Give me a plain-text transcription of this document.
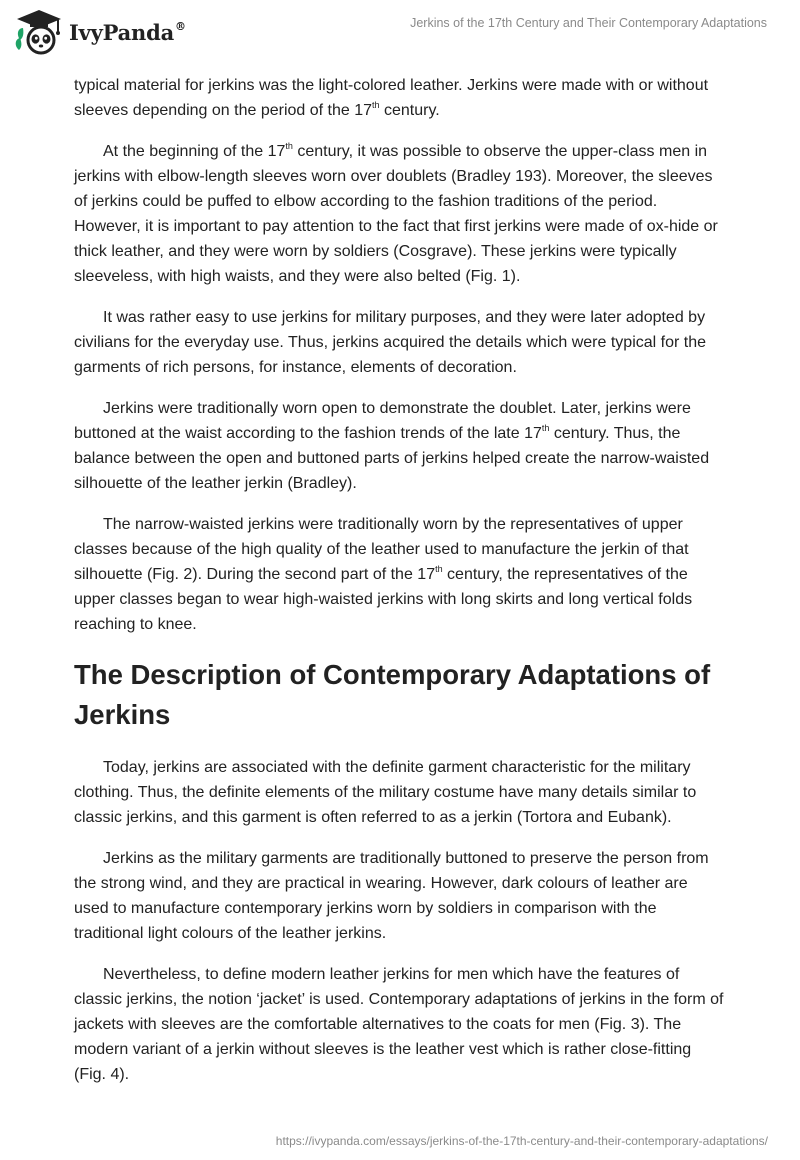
IvyPanda®	Jerkins of the 17th Century and Their Contemporary Adaptations

typical material for jerkins was the light-colored leather. Jerkins were made with or without sleeves depending on the period of the 17th century.

At the beginning of the 17th century, it was possible to observe the upper-class men in jerkins with elbow-length sleeves worn over doublets (Bradley 193). Moreover, the sleeves of jerkins could be puffed to elbow according to the fashion traditions of the period. However, it is important to pay attention to the fact that first jerkins were made of ox-hide or thick leather, and they were worn by soldiers (Cosgrave). These jerkins were typically sleeveless, with high waists, and they were also belted (Fig. 1).

It was rather easy to use jerkins for military purposes, and they were later adopted by civilians for the everyday use. Thus, jerkins acquired the details which were typical for the garments of rich persons, for instance, elements of decoration.

Jerkins were traditionally worn open to demonstrate the doublet. Later, jerkins were buttoned at the waist according to the fashion trends of the late 17th century. Thus, the balance between the open and buttoned parts of jerkins helped create the narrow-waisted silhouette of the leather jerkin (Bradley).

The narrow-waisted jerkins were traditionally worn by the representatives of upper classes because of the high quality of the leather used to manufacture the jerkin of that silhouette (Fig. 2). During the second part of the 17th century, the representatives of the upper classes began to wear high-waisted jerkins with long skirts and long vertical folds reaching to knee.

The Description of Contemporary Adaptations of Jerkins

Today, jerkins are associated with the definite garment characteristic for the military clothing. Thus, the definite elements of the military costume have many details similar to classic jerkins, and this garment is often referred to as a jerkin (Tortora and Eubank).

Jerkins as the military garments are traditionally buttoned to preserve the person from the strong wind, and they are practical in wearing. However, dark colours of leather are used to manufacture contemporary jerkins worn by soldiers in comparison with the traditional light colours of the leather jerkins.

Nevertheless, to define modern leather jerkins for men which have the features of classic jerkins, the notion ‘jacket’ is used. Contemporary adaptations of jerkins in the form of jackets with sleeves are the comfortable alternatives to the coats for men (Fig. 3). The modern variant of a jerkin without sleeves is the leather vest which is rather close-fitting (Fig. 4).

https://ivypanda.com/essays/jerkins-of-the-17th-century-and-their-contemporary-adaptations/
